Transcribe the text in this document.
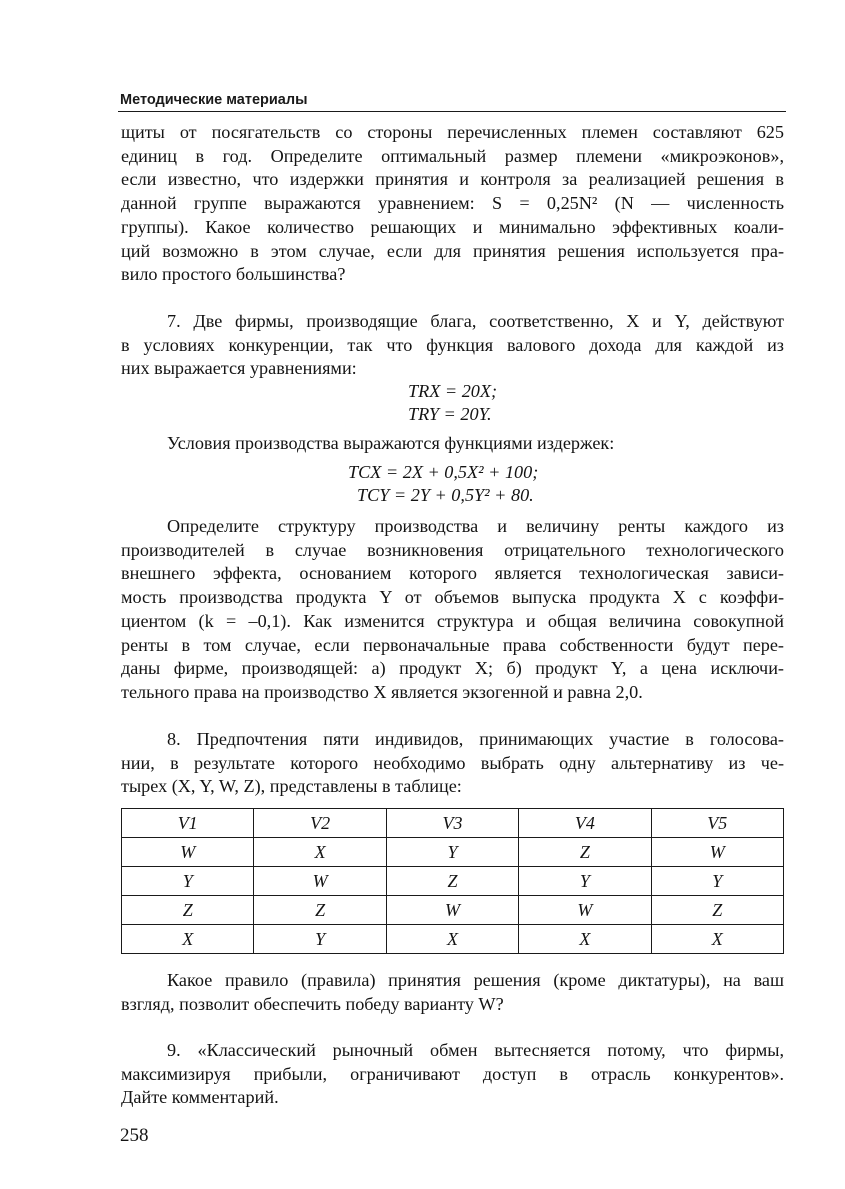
Методические материалы
щиты от посягательств со стороны перечисленных племен составляют 625
единиц в год. Определите оптимальный размер племени «микроэконов»,
если известно, что издержки принятия и контроля за реализацией решения в
данной группе выражаются уравнением: S = 0,25N² (N — численность
группы). Какое количество решающих и минимально эффективных коали-
ций возможно в этом случае, если для принятия решения используется пра-
вило простого большинства?
7. Две фирмы, производящие блага, соответственно, X и Y, действуют
в условиях конкуренции, так что функция валового дохода для каждой из
них выражается уравнениями:
TRX = 20X;
TRY = 20Y.
Условия производства выражаются функциями издержек:
TCX = 2X + 0,5X² + 100;
TCY = 2Y + 0,5Y² + 80.
Определите структуру производства и величину ренты каждого из
производителей в случае возникновения отрицательного технологического
внешнего эффекта, основанием которого является технологическая зависи-
мость производства продукта Y от объемов выпуска продукта X с коэффи-
циентом (k = –0,1). Как изменится структура и общая величина совокупной
ренты в том случае, если первоначальные права собственности будут пере-
даны фирме, производящей: а) продукт X; б) продукт Y, а цена исключи-
тельного права на производство X является экзогенной и равна 2,0.
8. Предпочтения пяти индивидов, принимающих участие в голосова-
нии, в результате которого необходимо выбрать одну альтернативу из че-
тырех (X, Y, W, Z), представлены в таблице:
V1	V2	V3	V4	V5
W	X	Y	Z	W
Y	W	Z	Y	Y
Z	Z	W	W	Z
X	Y	X	X	X
Какое правило (правила) принятия решения (кроме диктатуры), на ваш
взгляд, позволит обеспечить победу варианту W?
9. «Классический рыночный обмен вытесняется потому, что фирмы,
максимизируя прибыли, ограничивают доступ в отрасль конкурентов».
Дайте комментарий.
258
